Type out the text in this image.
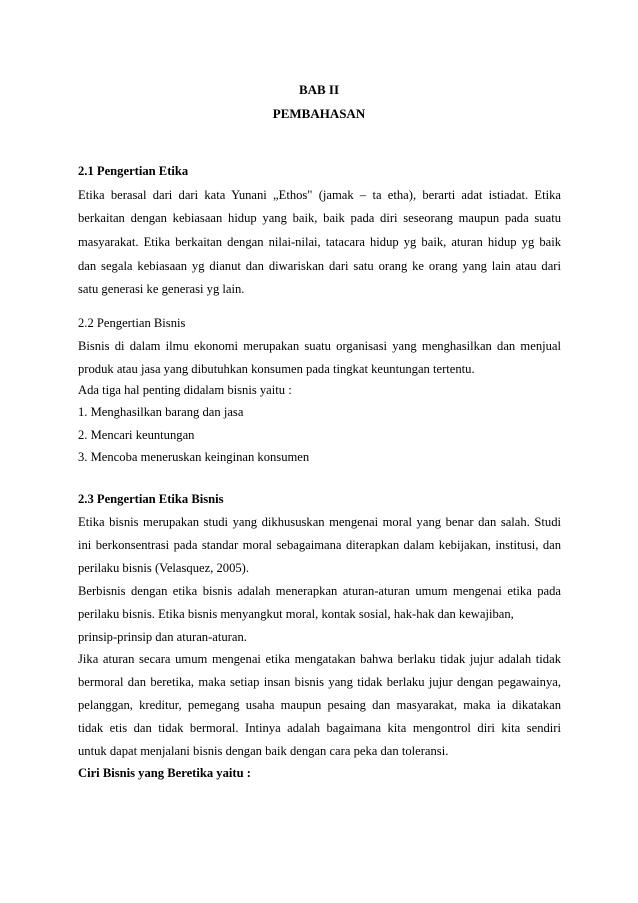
BAB II
PEMBAHASAN
2.1 Pengertian Etika
Etika berasal dari dari kata Yunani „Ethos" (jamak – ta etha), berarti adat istiadat. Etika
berkaitan dengan kebiasaan hidup yang baik, baik pada diri seseorang maupun pada suatu
masyarakat. Etika berkaitan dengan nilai-nilai, tatacara hidup yg baik, aturan hidup yg baik
dan segala kebiasaan yg dianut dan diwariskan dari satu orang ke orang yang lain atau dari
satu generasi ke generasi yg lain.
2.2 Pengertian Bisnis
Bisnis di dalam ilmu ekonomi merupakan suatu organisasi yang menghasilkan dan menjual
produk atau jasa yang dibutuhkan konsumen pada tingkat keuntungan tertentu.
Ada tiga hal penting didalam bisnis yaitu :
1. Menghasilkan barang dan jasa
2. Mencari keuntungan
3. Mencoba meneruskan keinginan konsumen
2.3 Pengertian Etika Bisnis
Etika bisnis merupakan studi yang dikhususkan mengenai moral yang benar dan salah. Studi
ini berkonsentrasi pada standar moral sebagaimana diterapkan dalam kebijakan, institusi, dan
perilaku bisnis (Velasquez, 2005).
Berbisnis dengan etika bisnis adalah menerapkan aturan-aturan umum mengenai etika pada
perilaku bisnis. Etika bisnis menyangkut moral, kontak sosial, hak-hak dan kewajiban,
prinsip-prinsip dan aturan-aturan.
Jika aturan secara umum mengenai etika mengatakan bahwa berlaku tidak jujur adalah tidak
bermoral dan beretika, maka setiap insan bisnis yang tidak berlaku jujur dengan pegawainya,
pelanggan, kreditur, pemegang usaha maupun pesaing dan masyarakat, maka ia dikatakan
tidak etis dan tidak bermoral. Intinya adalah bagaimana kita mengontrol diri kita sendiri
untuk dapat menjalani bisnis dengan baik dengan cara peka dan toleransi.
Ciri Bisnis yang Beretika yaitu :
